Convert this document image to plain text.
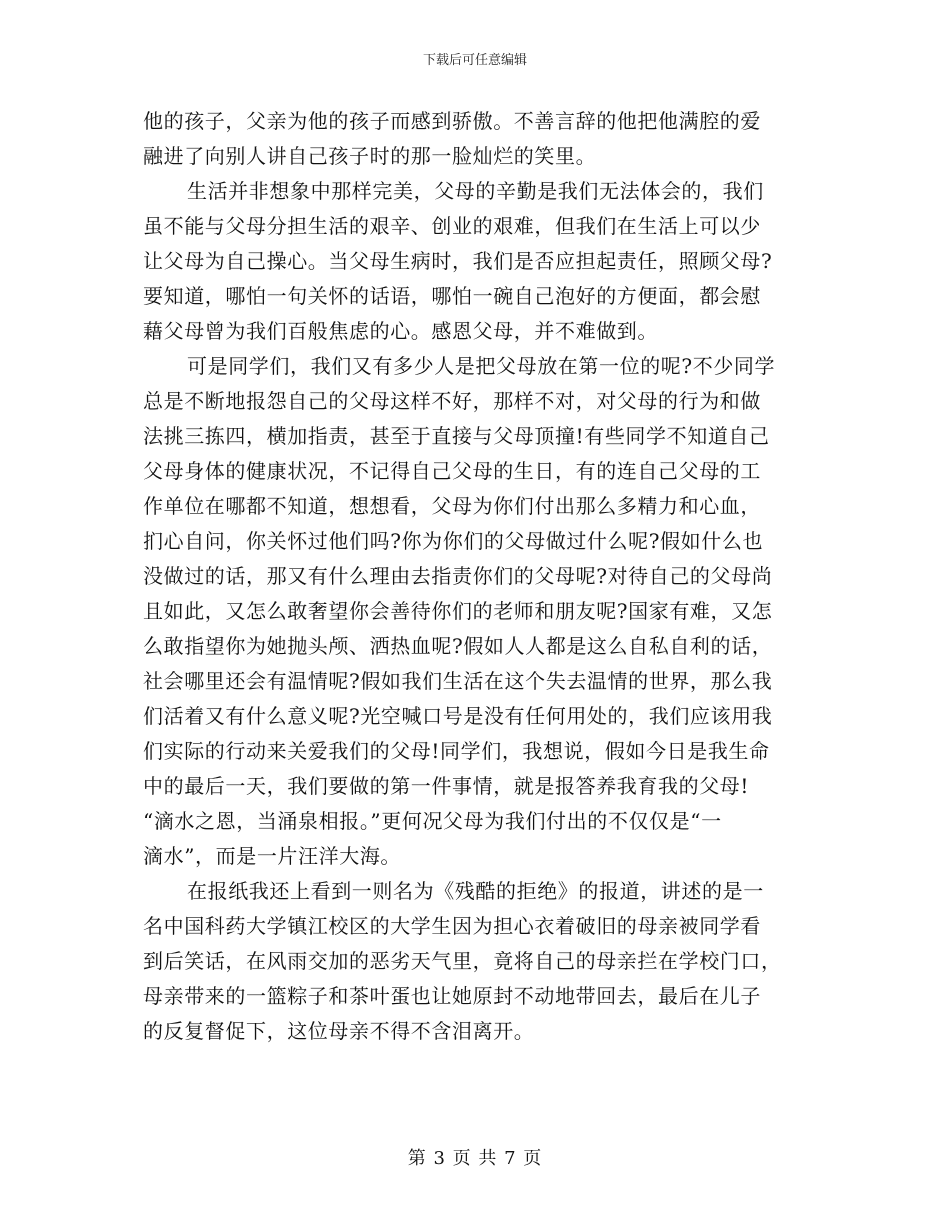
下载后可任意编辑
他的孩子，父亲为他的孩子而感到骄傲。不善言辞的他把他满腔的爱
融进了向别人讲自己孩子时的那一脸灿烂的笑里。
生活并非想象中那样完美，父母的辛勤是我们无法体会的，我们
虽不能与父母分担生活的艰辛、创业的艰难，但我们在生活上可以少
让父母为自己操心。当父母生病时，我们是否应担起责任，照顾父母?
要知道，哪怕一句关怀的话语，哪怕一碗自己泡好的方便面，都会慰
藉父母曾为我们百般焦虑的心。感恩父母，并不难做到。
可是同学们，我们又有多少人是把父母放在第一位的呢?不少同学
总是不断地报怨自己的父母这样不好，那样不对，对父母的行为和做
法挑三拣四，横加指责，甚至于直接与父母顶撞!有些同学不知道自己
父母身体的健康状况，不记得自己父母的生日，有的连自己父母的工
作单位在哪都不知道，想想看，父母为你们付出那么多精力和心血，
扪心自问，你关怀过他们吗?你为你们的父母做过什么呢?假如什么也
没做过的话，那又有什么理由去指责你们的父母呢?对待自己的父母尚
且如此，又怎么敢奢望你会善待你们的老师和朋友呢?国家有难，又怎
么敢指望你为她抛头颅、洒热血呢?假如人人都是这么自私自利的话，
社会哪里还会有温情呢?假如我们生活在这个失去温情的世界，那么我
们活着又有什么意义呢?光空喊口号是没有任何用处的，我们应该用我
们实际的行动来关爱我们的父母!同学们，我想说，假如今日是我生命
中的最后一天，我们要做的第一件事情，就是报答养我育我的父母!
“滴水之恩，当涌泉相报。”更何况父母为我们付出的不仅仅是“一
滴水”，而是一片汪洋大海。
在报纸我还上看到一则名为《残酷的拒绝》的报道，讲述的是一
名中国科药大学镇江校区的大学生因为担心衣着破旧的母亲被同学看
到后笑话，在风雨交加的恶劣天气里，竟将自己的母亲拦在学校门口，
母亲带来的一篮粽子和茶叶蛋也让她原封不动地带回去，最后在儿子
的反复督促下，这位母亲不得不含泪离开。
第 3 页 共 7 页
